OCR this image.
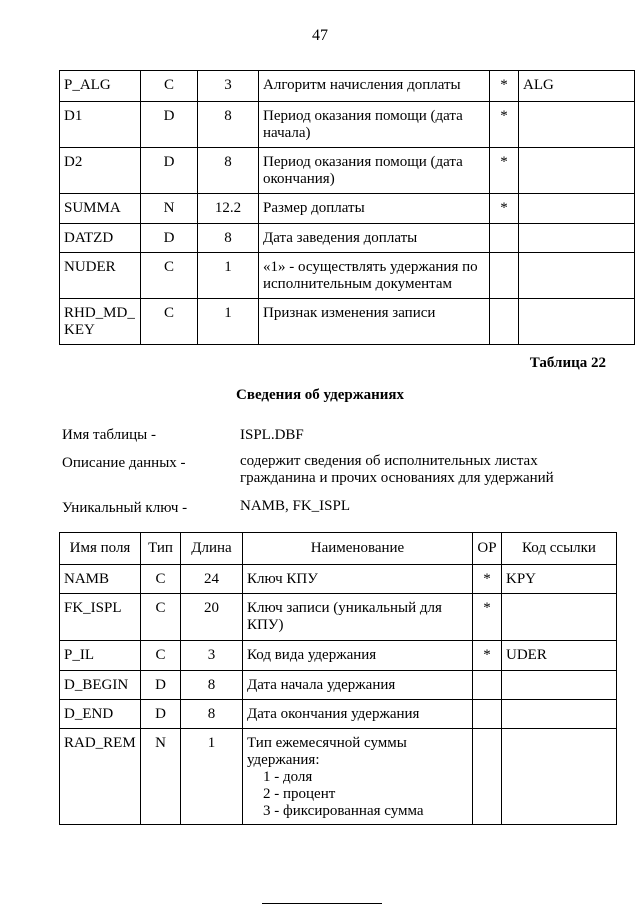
47
P_ALG	C	3	Алгоритм начисления доплаты	*	ALG
D1	D	8	Период оказания помощи (дата начала)	*	
D2	D	8	Период оказания помощи (дата окончания)	*	
SUMMA	N	12.2	Размер доплаты	*	
DATZD	D	8	Дата заведения доплаты		
NUDER	C	1	«1» - осуществлять удержания по исполнительным документам		
RHD_MD_ KEY	C	1	Признак изменения записи		
Таблица 22
Сведения об удержаниях
Имя таблицы -	ISPL.DBF
Описание данных -	содержит сведения об исполнительных листах гражданина и прочих основаниях для удержаний
Уникальный ключ -	NAMB, FK_ISPL
Имя поля	Тип	Длина	Наименование	ОР	Код ссылки
NAMB	C	24	Ключ КПУ	*	KPY
FK_ISPL	C	20	Ключ записи (уникальный для КПУ)	*	
P_IL	C	3	Код вида удержания	*	UDER
D_BEGIN	D	8	Дата начала удержания		
D_END	D	8	Дата окончания удержания		
RAD_REM	N	1	Тип ежемесячной суммы удержания:
1 - доля
2 - процент
3 - фиксированная сумма		
